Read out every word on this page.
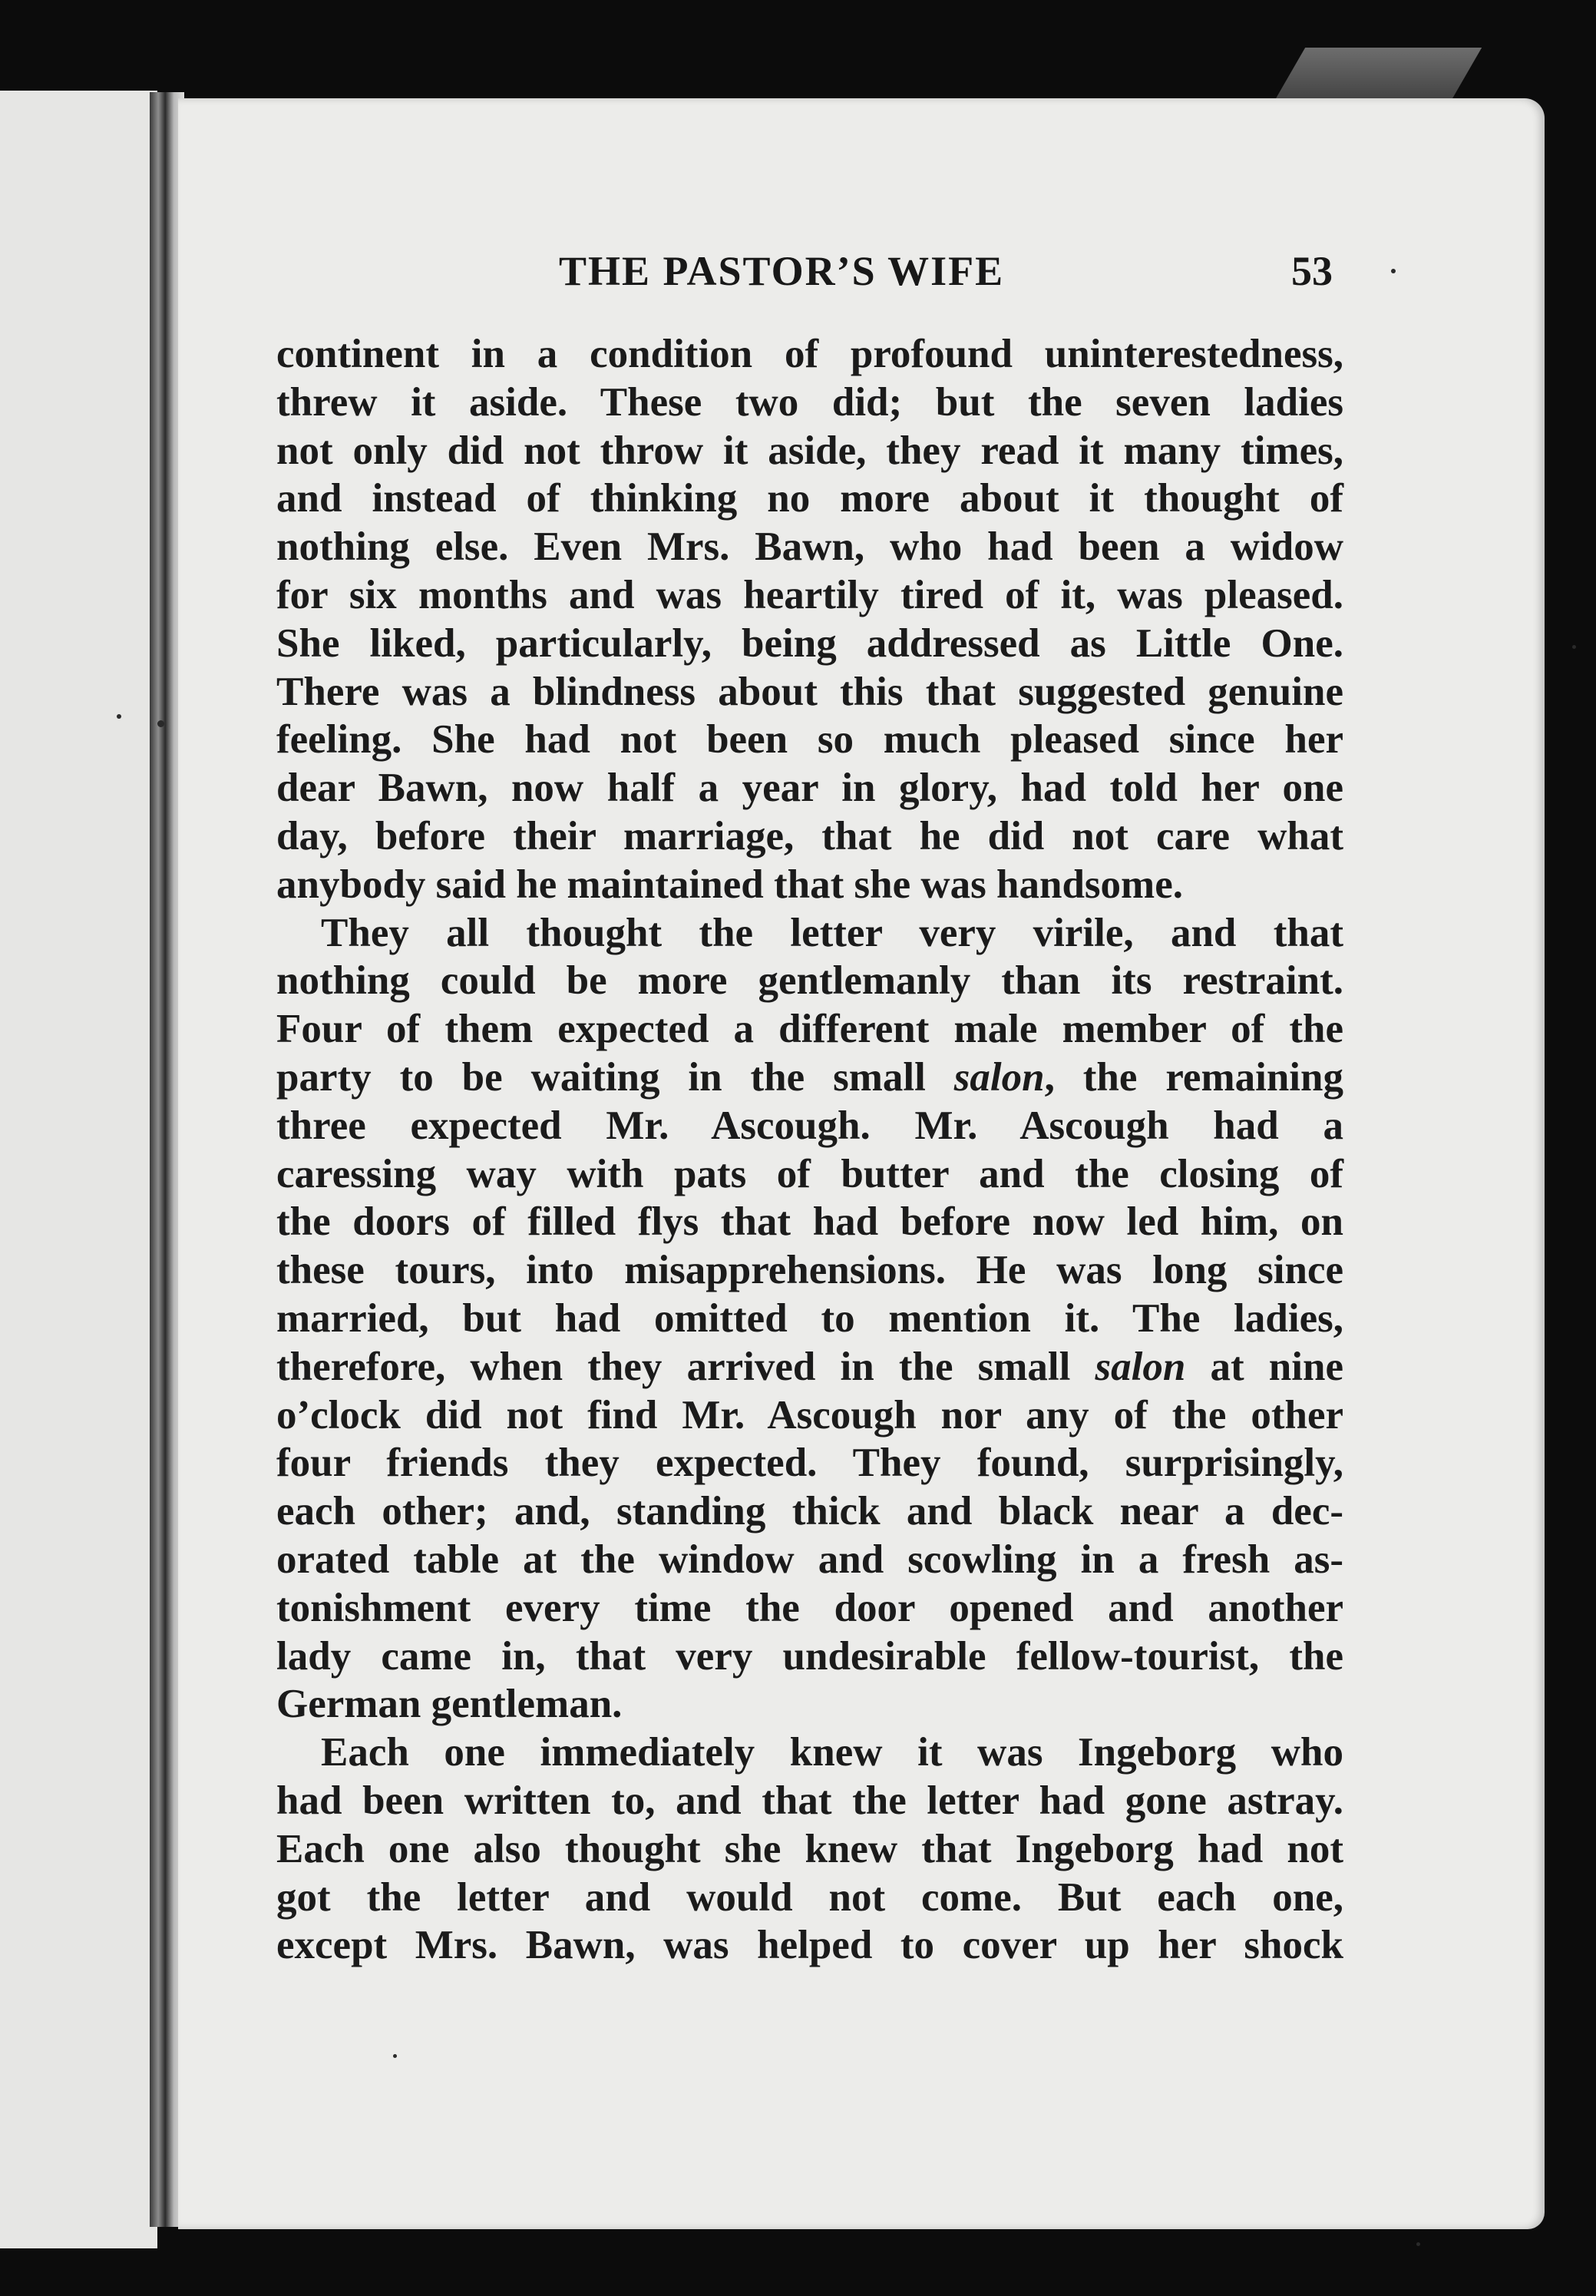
THE PASTOR’S WIFE	53
continent in a condition of profound uninterestedness,
threw it aside. These two did; but the seven ladies
not only did not throw it aside, they read it many times,
and instead of thinking no more about it thought of
nothing else. Even Mrs. Bawn, who had been a widow
for six months and was heartily tired of it, was pleased.
She liked, particularly, being addressed as Little One.
There was a blindness about this that suggested genuine
feeling. She had not been so much pleased since her
dear Bawn, now half a year in glory, had told her one
day, before their marriage, that he did not care what
anybody said he maintained that she was handsome.
They all thought the letter very virile, and that
nothing could be more gentlemanly than its restraint.
Four of them expected a different male member of the
party to be waiting in the small salon, the remaining
three expected Mr. Ascough. Mr. Ascough had a
caressing way with pats of butter and the closing of
the doors of filled flys that had before now led him, on
these tours, into misapprehensions. He was long since
married, but had omitted to mention it. The ladies,
therefore, when they arrived in the small salon at nine
o’clock did not find Mr. Ascough nor any of the other
four friends they expected. They found, surprisingly,
each other; and, standing thick and black near a dec-
orated table at the window and scowling in a fresh as-
tonishment every time the door opened and another
lady came in, that very undesirable fellow-tourist, the
German gentleman.
Each one immediately knew it was Ingeborg who
had been written to, and that the letter had gone astray.
Each one also thought she knew that Ingeborg had not
got the letter and would not come. But each one,
except Mrs. Bawn, was helped to cover up her shock
